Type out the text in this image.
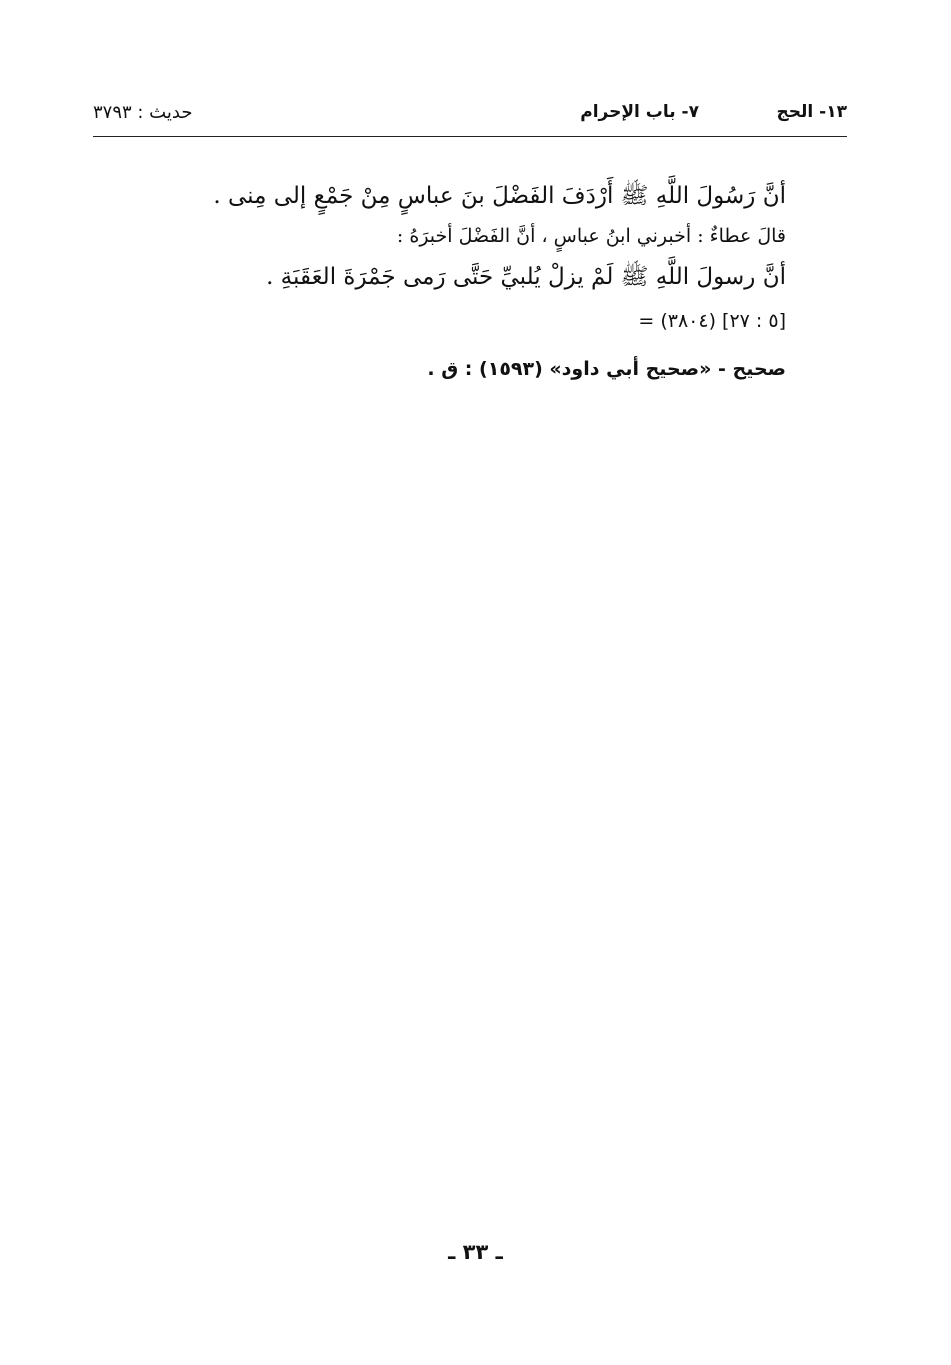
١٣- الحج
٧- باب الإحرام
حديث : ٣٧٩٣
أنَّ رَسُولَ اللَّهِ ﷺ أَرْدَفَ الفَضْلَ بنَ عباسٍ مِنْ جَمْعٍ إلى مِنى .
قالَ عطاءٌ : أخبرني ابنُ عباسٍ ، أنَّ الفَضْلَ أخبرَهُ :
أنَّ رسولَ اللَّهِ ﷺ لَمْ يزلْ يُلبيِّ حَتَّى رَمى جَمْرَةَ العَقَبَةِ .
= (٣٨٠٤) [٥ : ٢٧]
صحيح - «صحيح أبي داود» (١٥٩٣) : ق .
ـ ٣٣ ـ
